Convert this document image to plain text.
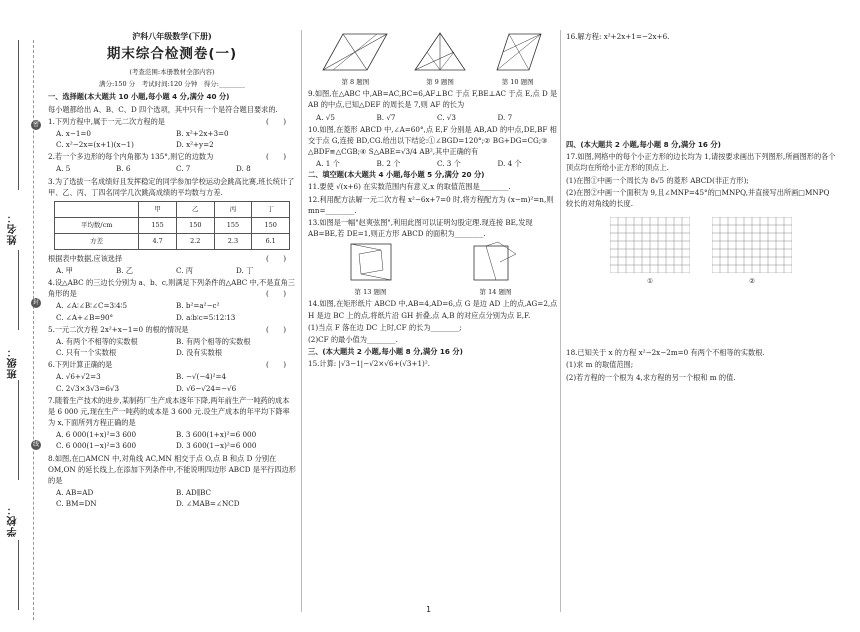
姓名：
班级：
学校：
密
封
线
沪科八年级数学(下册)
期末综合检测卷(一)
(考查范围:本册教材全部内容)
满分:150 分　考试时间:120 分钟　得分:________
一、选择题(本大题共 10 小题,每小题 4 分,满分 40 分)
每小题都给出 A、B、C、D 四个选项，其中只有一个是符合题目要求的.
1.下列方程中,属于一元二次方程的是	(　　)
A. x−1=0	B. x²+2x+3=0
C. x²−2x=(x+1)(x−1)	D. x²+y=2
2.若一个多边形的每个内角都为 135°,则它的边数为	(　　)
A. 5	B. 6	C. 7	D. 8
3.为了选拔一名成绩好且发挥稳定的同学参加学校运动会跳高比赛,班长统计了甲、乙、丙、丁四名同学几次跳高成绩的平均数与方差.
	甲	乙	丙	丁
平均数/cm	155	150	155	150
方差	4.7	2.2	2.3	6.1
根据表中数据,应该选择	(　　)
A. 甲	B. 乙	C. 丙	D. 丁
4.设△ABC 的三边长分别为 a、b、c,则满足下列条件的△ABC 中,不是直角三角形的是	(　　)
A. ∠A∶∠B∶∠C=3∶4∶5	B. b²=a²−c²
C. ∠A+∠B=90°	D. a∶b∶c=5∶12∶13
5.一元二次方程 2x²+x−1=0 的根的情况是	(　　)
A. 有两个不相等的实数根	B. 有两个相等的实数根
C. 只有一个实数根	D. 没有实数根
6.下列计算正确的是	(　　)
A. √6+√2=3	B. −√(−4)²=4
C. 2√3×3√3=6√3	D. √6−√24=−√6
7.随着生产技术的进步,某制药厂生产成本逐年下降,两年前生产一吨药的成本是 6 000 元,现在生产一吨药的成本是 3 600 元.设生产成本的年平均下降率为 x,下面所列方程正确的是
A. 6 000(1+x)²=3 600	B. 3 600(1+x)²=6 000
C. 6 000(1−x)²=3 600	D. 3 600(1−x)²=6 000
8.如图,在□AMCN 中,对角线 AC,MN 相交于点 O,点 B 和点 D 分别在 OM,ON 的延长线上,在添加下列条件中,不能说明四边形 ABCD 是平行四边形的是
A. AB=AD	B. AD∥BC
C. BM=DN	D. ∠MAB=∠NCD
第 8 题图	第 9 题图	第 10 题图
9.如图,在△ABC 中,AB=AC,BC=6,AF⊥BC 于点 F,BE⊥AC 于点 E,点 D 是 AB 的中点,已知△DEF 的周长是 7,则 AF 的长为
A. √5	B. √7	C. √3	D. 7
10.如图,在菱形 ABCD 中,∠A=60°,点 E,F 分别是 AB,AD 的中点,DE,BF 相交于点 G,连接 BD,CG.给出以下结论:①∠BGD=120°;② BG+DG=CG;③ △BDF≌△CGB;④ S△ABE=√3/4 AB²,其中正确的有
A. 1 个	B. 2 个	C. 3 个	D. 4 个
二、填空题(本大题共 4 小题,每小题 5 分,满分 20 分)
11.要使 √(x+6) 在实数范围内有意义,x 的取值范围是________.
12.利用配方法解一元二次方程 x²−6x+7=0 时,将方程配方为 (x−m)²=n,则 mn=________.
13.如图是一幅"赵爽弦图",利用此图可以证明勾股定理.现连接 BE,发现 AB=BE,若 DE=1,则正方形 ABCD 的面积为________.
第 13 题图	第 14 题图
14.如图,在矩形纸片 ABCD 中,AB=4,AD=6,点 G 是边 AD 上的点,AG=2,点 H 是边 BC 上的点,将纸片沿 GH 折叠,点 A,B 的对应点分别为点 E,F.
(1)当点 F 落在边 DC 上时,CF 的长为________;
(2)CF 的最小值为________.
三、(本大题共 2 小题,每小题 8 分,满分 16 分)
15.计算: |√3−1|−√2×√6+(√3+1)².
16.解方程: x²+2x+1=−2x+6.
四、(本大题共 2 小题,每小题 8 分,满分 16 分)
17.如图,网格中的每个小正方形的边长均为 1,请按要求画出下列图形,所画图形的各个顶点均在所给小正方形的顶点上.
(1)在图①中画一个周长为 8√5 的菱形 ABCD(非正方形);
(2)在图②中画一个面积为 9,且∠MNP=45°的□MNPQ,并直接写出所画□MNPQ 较长的对角线的长度.
①	②
18.已知关于 x 的方程 x²−2x−2m=0 有两个不相等的实数根.
(1)求 m 的取值范围;
(2)若方程的一个根为 4,求方程的另一个根和 m 的值.
1
